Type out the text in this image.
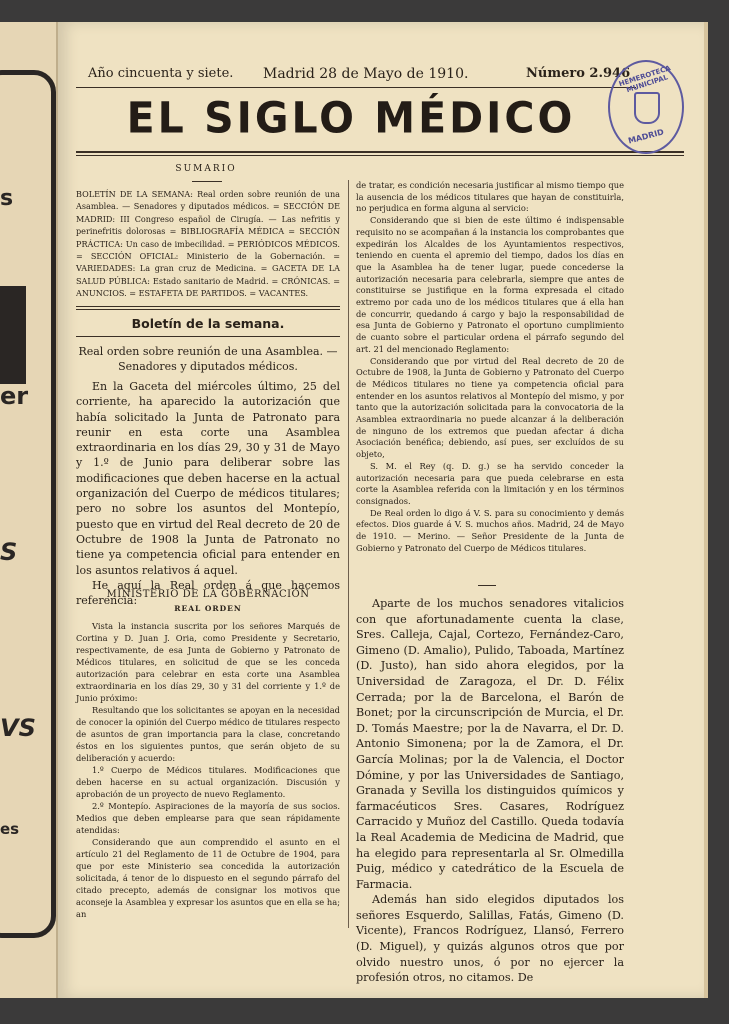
s
er
S
VS
es
Año cincuenta y siete. Madrid 28 de Mayo de 1910.	Número 2.946
EL SIGLO MÉDICO
HEMEROTECA MUNICIPAL
MADRID
SUMARIO
BOLETÍN DE LA SEMANA: Real orden sobre reunión de una Asamblea. — Senadores y diputados médicos. = SECCIÓN DE MADRID: III Congreso español de Cirugía. — Las nefritis y perinefritis dolorosas = BIBLIOGRAFÍA MÉDICA = SECCIÓN PRÁCTICA: Un caso de imbecilidad. = PERIÓDICOS MÉDICOS. = SECCIÓN OFICIAL: Ministerio de la Gobernación. = VARIEDADES: La gran cruz de Medicina. = GACETA DE LA SALUD PÚBLICA: Estado sanitario de Madrid. = CRÓNICAS. = ANUNCIOS. = ESTAFETA DE PARTIDOS. = VACANTES.
Boletín de la semana.
Real orden sobre reunión de una Asamblea. — Senadores y diputados médicos.

En la Gaceta del miércoles último, 25 del corriente, ha aparecido la autorización que había solicitado la Junta de Patronato para reunir en esta corte una Asamblea extraordinaria en los días 29, 30 y 31 de Mayo y 1.º de Junio para deliberar sobre las modificaciones que deben hacerse en la actual organización del Cuerpo de médicos titulares; pero no sobre los asuntos del Montepío, puesto que en virtud del Real decreto de 20 de Octubre de 1908 la Junta de Patronato no tiene ya competencia oficial para entender en los asuntos relativos á aquel.

He aquí la Real orden á que hacemos referencia:

MINISTERIO DE LA GOBERNACIÓN
REAL ORDEN

Vista la instancia suscrita por los señores Marqués de Cortina y D. Juan J. Oria, como Presidente y Secretario, respectivamente, de esa Junta de Gobierno y Patronato de Médicos titulares, en solicitud de que se les conceda autorización para celebrar en esta corte una Asamblea extraordinaria en los días 29, 30 y 31 del corriente y 1.º de Junio próximo:

Resultando que los solicitantes se apoyan en la necesidad de conocer la opinión del Cuerpo médico de titulares respecto de asuntos de gran importancia para la clase, concretando éstos en los siguientes puntos, que serán objeto de su deliberación y acuerdo:

1.º Cuerpo de Médicos titulares. Modificaciones que deben hacerse en su actual organización. Discusión y aprobación de un proyecto de nuevo Reglamento.

2.º Montepío. Aspiraciones de la mayoría de sus socios. Medios que deben emplearse para que sean rápidamente atendidas:

Considerando que aun comprendido el asunto en el artículo 21 del Reglamento de 11 de Octubre de 1904, para que por este Ministerio sea concedida la autorización solicitada, á tenor de lo dispuesto en el segundo párrafo del citado precepto, además de consignar los motivos que aconseje la Asamblea y expresar los asuntos que en ella se ha; an

de tratar, es condición necesaria justificar al mismo tiempo que la ausencia de los médicos titulares que hayan de constituirla, no perjudica en forma alguna al servicio:

Considerando que si bien de este último é indispensable requisito no se acompañan á la instancia los comprobantes que expedirán los Alcaldes de los Ayuntamientos respectivos, teniendo en cuenta el apremio del tiempo, dados los días en que la Asamblea ha de tener lugar, puede concederse la autorización necesaria para celebrarla, siempre que antes de constituirse se justifique en la forma expresada el citado extremo por cada uno de los médicos titulares que á ella han de concurrir, quedando á cargo y bajo la responsabilidad de esa Junta de Gobierno y Patronato el oportuno cumplimiento de cuanto sobre el particular ordena el párrafo segundo del art. 21 del mencionado Reglamento:

Considerando que por virtud del Real decreto de 20 de Octubre de 1908, la Junta de Gobierno y Patronato del Cuerpo de Médicos titulares no tiene ya competencia oficial para entender en los asuntos relativos al Montepío del mismo, y por tanto que la autorización solicitada para la convocatoria de la Asamblea extraordinaria no puede alcanzar á la deliberación de ninguno de los extremos que puedan afectar á dicha Asociación benéfica; debiendo, así pues, ser excluídos de su objeto,

S. M. el Rey (q. D. g.) se ha servido conceder la autorización necesaria para que pueda celebrarse en esta corte la Asamblea referida con la limitación y en los términos consignados.

De Real orden lo digo á V. S. para su conocimiento y demás efectos. Dios guarde á V. S. muchos años. Madrid, 24 de Mayo de 1910. — Merino. — Señor Presidente de la Junta de Gobierno y Patronato del Cuerpo de Médicos titulares.

Aparte de los muchos senadores vitalicios con que afortunadamente cuenta la clase, Sres. Calleja, Cajal, Cortezo, Fernández-Caro, Gimeno (D. Amalio), Pulido, Taboada, Martínez (D. Justo), han sido ahora elegidos, por la Universidad de Zaragoza, el Dr. D. Félix Cerrada; por la de Barcelona, el Barón de Bonet; por la circunscripción de Murcia, el Dr. D. Tomás Maestre; por la de Navarra, el Dr. D. Antonio Simonena; por la de Zamora, el Dr. García Molinas; por la de Valencia, el Doctor Dómine, y por las Universidades de Santiago, Granada y Sevilla los distinguidos químicos y farmacéuticos Sres. Casares, Rodríguez Carracido y Muñoz del Castillo. Queda todavía la Real Academia de Medicina de Madrid, que ha elegido para representarla al Sr. Olmedilla Puig, médico y catedrático de la Escuela de Farmacia.

Además han sido elegidos diputados los señores Esquerdo, Salillas, Fatás, Gimeno (D. Vicente), Francos Rodríguez, Llansó, Ferrero (D. Miguel), y quizás algunos otros que por olvido nuestro unos, ó por no ejercer la profesión otros, no citamos. De
